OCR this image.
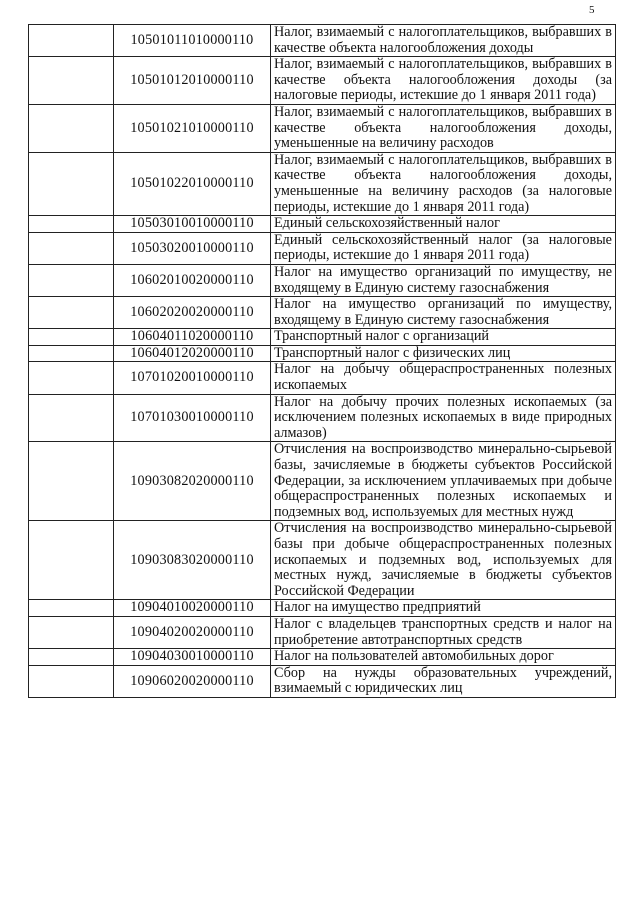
5
	10501011010000110	Налог, взимаемый с налогоплательщиков, выбравших в качестве объекта налогообложения доходы
	10501012010000110	Налог, взимаемый с налогоплательщиков, выбравших в качестве объекта налогообложения доходы (за налоговые периоды, истекшие до 1 января 2011 года)
	10501021010000110	Налог, взимаемый с налогоплательщиков, выбравших в качестве объекта налогообложения доходы, уменьшенные на величину расходов
	10501022010000110	Налог, взимаемый с налогоплательщиков, выбравших в качестве объекта налогообложения доходы, уменьшенные на величину расходов (за налоговые периоды, истекшие до 1 января 2011 года)
	10503010010000110	Единый сельскохозяйственный налог
	10503020010000110	Единый сельскохозяйственный налог (за налоговые периоды, истекшие до 1 января 2011 года)
	10602010020000110	Налог на имущество организаций по имуществу, не входящему в Единую систему газоснабжения
	10602020020000110	Налог на имущество организаций по имуществу, входящему в Единую систему газоснабжения
	10604011020000110	Транспортный налог с организаций
	10604012020000110	Транспортный налог с физических лиц
	10701020010000110	Налог на добычу общераспространенных полезных ископаемых
	10701030010000110	Налог на добычу прочих полезных ископаемых (за исключением полезных ископаемых в виде природных алмазов)
	10903082020000110	Отчисления на воспроизводство минерально-сырьевой базы, зачисляемые в бюджеты субъектов Российской Федерации, за исключением уплачиваемых при добыче общераспространенных полезных ископаемых и подземных вод, используемых для местных нужд
	10903083020000110	Отчисления на воспроизводство минерально-сырьевой базы при добыче общераспространенных полезных ископаемых и подземных вод, используемых для местных нужд, зачисляемые в бюджеты субъектов Российской Федерации
	10904010020000110	Налог на имущество предприятий
	10904020020000110	Налог с владельцев транспортных средств и налог на приобретение автотранспортных средств
	10904030010000110	Налог на пользователей автомобильных дорог
	10906020020000110	Сбор на нужды образовательных учреждений, взимаемый с юридических лиц
